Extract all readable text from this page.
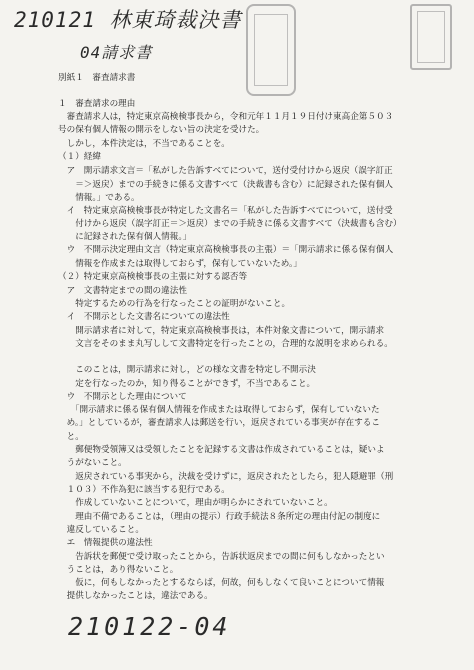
210121 林東琦裁決書
04請求書
別紙１　審査請求書
１　審査請求の理由
　審査請求人は，特定東京高検検事長から，令和元年１１月１９日付け東高企第５０３
号の保有個人情報の開示をしない旨の決定を受けた。
　しかし，本件決定は，不当であることを。
（１）経緯
　ア　開示請求文言＝「私がした告訴すべてについて，送付受付けから返戻（誤字訂正
　　＝＞返戻）までの手続きに係る文書すべて（決裁書も含む）に記録された保有個人
　　情報。」である。
　イ　特定東京高検検事長が特定した文書名＝「私がした告訴すべてについて，送付受
　　付けから返戻（誤字訂正＝＞返戻）までの手続きに係る文書すべて（決裁書も含む）
　　に記録された保有個人情報。」
　ウ　不開示決定理由文言（特定東京高検検事長の主張）＝「開示請求に係る保有個人
　　情報を作成または取得しておらず，保有していないため。」
（２）特定東京高検検事長の主張に対する認否等
　ア　文書特定までの間の違法性
　　特定するための行為を行なったことの証明がないこと。
　イ　不開示とした文書名についての違法性
　　開示請求者に対して，特定東京高検検事長は，本件対象文書について，開示請求
　　文言をそのまま丸写しして文書特定を行ったことの，合理的な説明を求められる。

　　このことは，開示請求に対し，どの様な文書を特定し不開示決
　　定を行なったのか，知り得ることができず，不当であること。
　ウ　不開示とした理由について
　　「開示請求に係る保有個人情報を作成または取得しておらず，保有していないた
　め。」としているが，審査請求人は郵送を行い，返戻されている事実が存在するこ
　と。
　　郵便物受領簿又は受領したことを記録する文書は作成されていることは，疑いよ
　うがないこと。
　　返戻されている事実から，決裁を受けずに，返戻されたとしたら，犯人隠避罪（刑
　１０３）不作為犯に該当する犯行である。
　　作成していないことについて，理由が明らかにされていないこと。
　　理由不備であることは，（理由の提示）行政手続法８条所定の理由付記の制度に
　違反していること。
　エ　情報提供の違法性
　　告訴状を郵便で受け取ったことから，告訴状返戻までの間に何もしなかったとい
　うことは，あり得ないこと。
　　仮に，何もしなかったとするならば，何故，何もしなくて良いことについて情報
　提供しなかったことは，違法である。
210122-04
